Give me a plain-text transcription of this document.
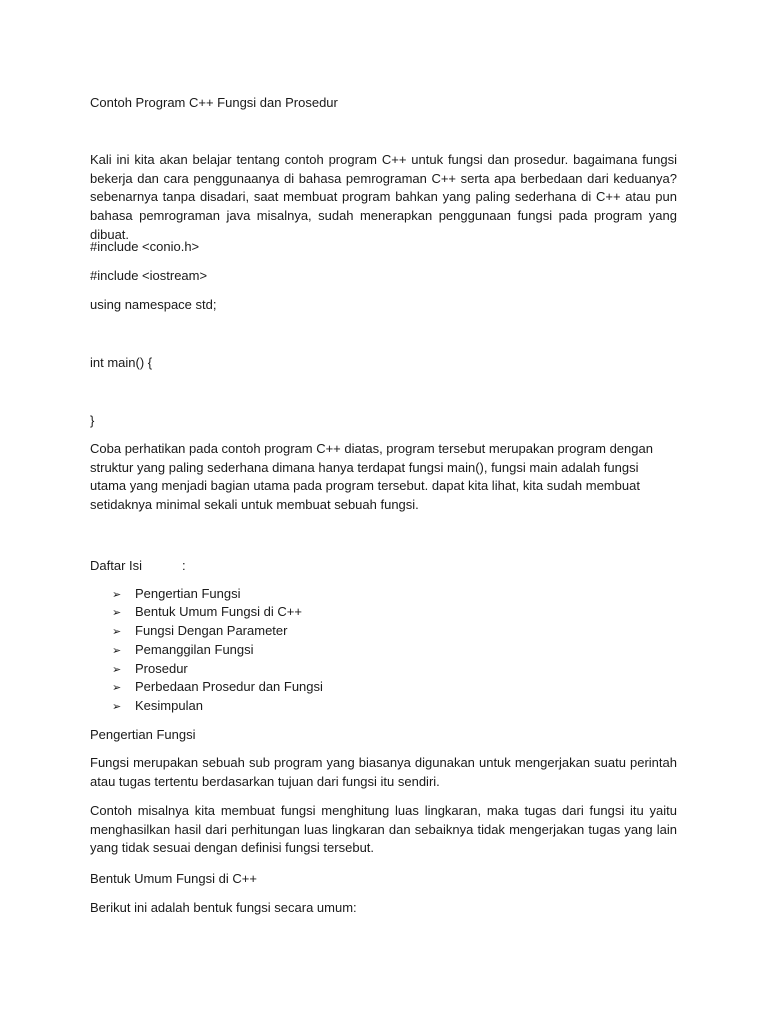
Contoh Program C++ Fungsi dan Prosedur

Kali ini kita akan belajar tentang contoh program C++ untuk fungsi dan prosedur. bagaimana fungsi bekerja dan cara penggunaanya di bahasa pemrograman C++ serta apa berbedaan dari keduanya? sebenarnya tanpa disadari, saat membuat program bahkan yang paling sederhana di C++ atau pun bahasa pemrograman java misalnya, sudah menerapkan penggunaan fungsi pada program yang dibuat.

#include <conio.h>
#include <iostream>
using namespace std;
int main() {
}

Coba perhatikan pada contoh program C++ diatas, program tersebut merupakan program dengan struktur yang paling sederhana dimana hanya terdapat fungsi main(), fungsi main adalah fungsi utama yang menjadi bagian utama pada program tersebut. dapat kita lihat, kita sudah membuat setidaknya minimal sekali untuk membuat sebuah fungsi.

Daftar Isi	:
➢ Pengertian Fungsi
➢ Bentuk Umum Fungsi di C++
➢ Fungsi Dengan Parameter
➢ Pemanggilan Fungsi
➢ Prosedur
➢ Perbedaan Prosedur dan Fungsi
➢ Kesimpulan
Pengertian Fungsi

Fungsi merupakan sebuah sub program yang biasanya digunakan untuk mengerjakan suatu perintah atau tugas tertentu berdasarkan tujuan dari fungsi itu sendiri.

Contoh misalnya kita membuat fungsi menghitung luas lingkaran, maka tugas dari fungsi itu yaitu menghasilkan hasil dari perhitungan luas lingkaran dan sebaiknya tidak mengerjakan tugas yang lain yang tidak sesuai dengan definisi fungsi tersebut.

Bentuk Umum Fungsi di C++
Berikut ini adalah bentuk fungsi secara umum:
